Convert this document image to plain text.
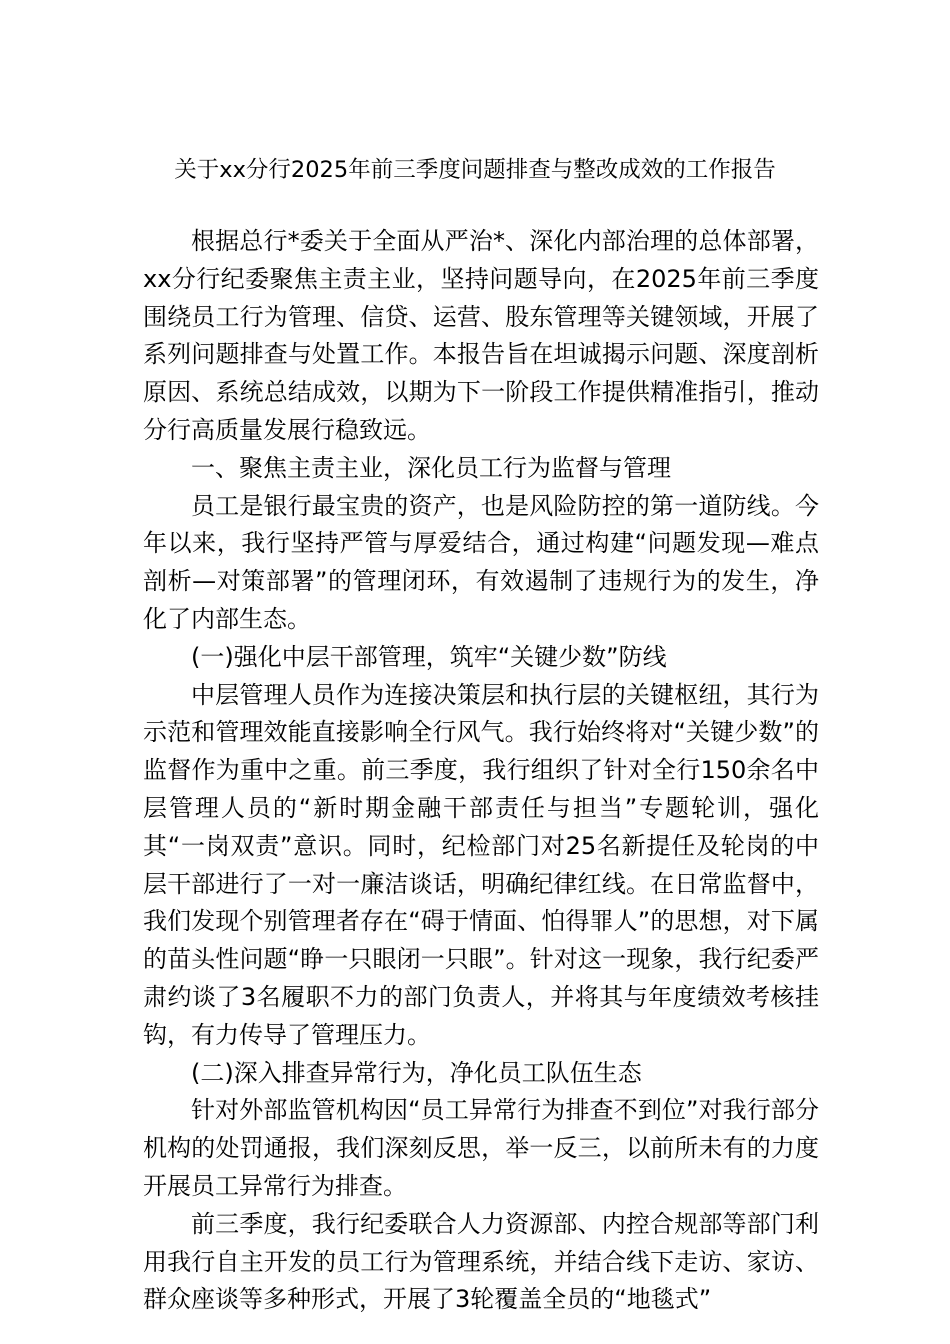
关于xx分行2025年前三季度问题排查与整改成效的工作报告

根据总行*委关于全面从严治*、深化内部治理的总体部署，xx分行纪委聚焦主责主业，坚持问题导向，在2025年前三季度围绕员工行为管理、信贷、运营、股东管理等关键领域，开展了系列问题排查与处置工作。本报告旨在坦诚揭示问题、深度剖析原因、系统总结成效，以期为下一阶段工作提供精准指引，推动分行高质量发展行稳致远。

一、聚焦主责主业，深化员工行为监督与管理

员工是银行最宝贵的资产，也是风险防控的第一道防线。今年以来，我行坚持严管与厚爱结合，通过构建“问题发现—难点剖析—对策部署”的管理闭环，有效遏制了违规行为的发生，净化了内部生态。

(一)强化中层干部管理，筑牢“关键少数”防线

中层管理人员作为连接决策层和执行层的关键枢纽，其行为示范和管理效能直接影响全行风气。我行始终将对“关键少数”的监督作为重中之重。前三季度，我行组织了针对全行150余名中层管理人员的“新时期金融干部责任与担当”专题轮训，强化其“一岗双责”意识。同时，纪检部门对25名新提任及轮岗的中层干部进行了一对一廉洁谈话，明确纪律红线。在日常监督中，我们发现个别管理者存在“碍于情面、怕得罪人”的思想，对下属的苗头性问题“睁一只眼闭一只眼”。针对这一现象，我行纪委严肃约谈了3名履职不力的部门负责人，并将其与年度绩效考核挂钩，有力传导了管理压力。

(二)深入排查异常行为，净化员工队伍生态

针对外部监管机构因“员工异常行为排查不到位”对我行部分机构的处罚通报，我们深刻反思，举一反三，以前所未有的力度开展员工异常行为排查。

前三季度，我行纪委联合人力资源部、内控合规部等部门利用我行自主开发的员工行为管理系统，并结合线下走访、家访、群众座谈等多种形式，开展了3轮覆盖全员的“地毯式”
